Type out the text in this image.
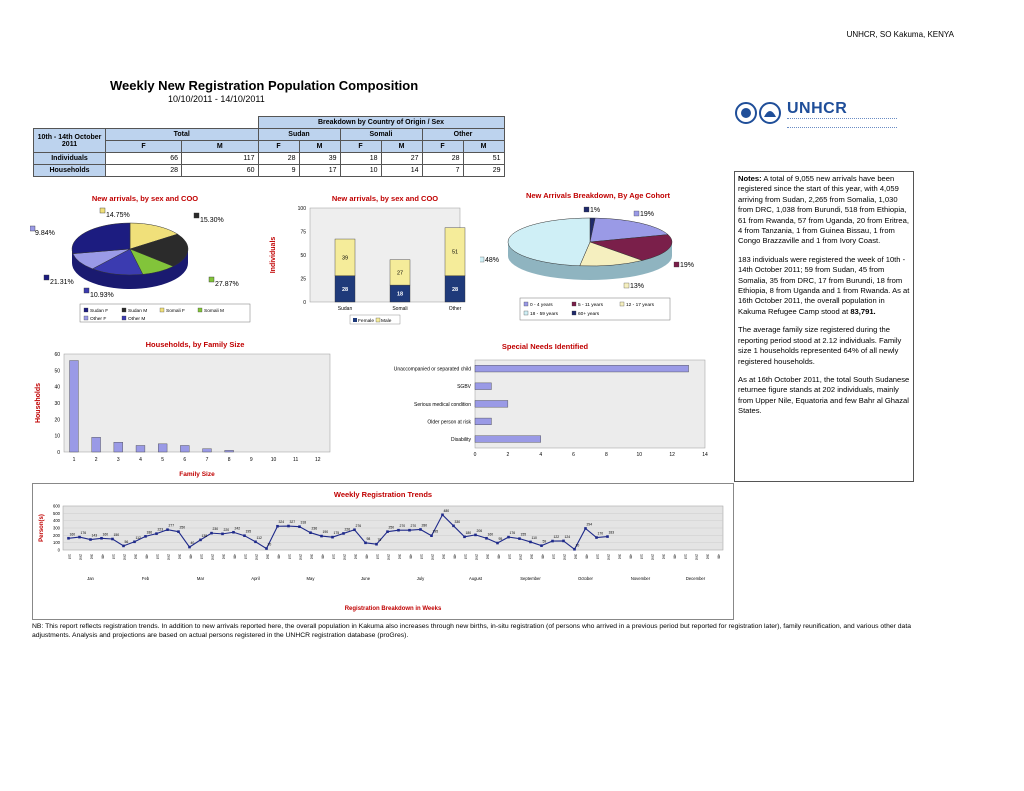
UNHCR, SO Kakuma, KENYA
Weekly New Registration Population Composition
10/10/2011 - 14/10/2011
UNHCR
			Breakdown by Country of Origin / Sex					
10th - 14th October 2011	Total		Sudan		Somali		Other	
	F	M	F	M	F	M	F	M
Individuals	66	117	28	39	18	27	28	51
Households	28	60	9	17	10	14	7	29

Notes: A total of 9,055 new arrivals have been registered since the start of this year, with 4,059 arriving from Sudan, 2,265 from Somalia, 1,030 from DRC, 1,038 from Burundi, 518 from Ethiopia, 61 from Rwanda, 57 from Uganda, 20 from Eritrea, 4 from Tanzania, 1 from Guinea Bissau, 1 from Congo Brazzaville and 1 from Ivory Coast.

183 individuals were registered the week of 10th - 14th October 2011; 59 from Sudan, 45 from Somalia, 35 from DRC, 17 from Burundi, 18 from Ethiopia, 8 from Uganda and 1 from Rwanda. As at 16th October 2011, the overall population in Kakuma Refugee Camp stood at 83,791.

The average family size registered during the reporting period stood at 2.12 individuals. Family size 1 households represented 64% of all newly registered households.

As at 16th October 2011, the total South Sudanese returnee figure stands at 202 individuals, mainly from Upper Nile, Equatoria and few Bahr al Ghazal States.

New arrivals, by sex and COO
14.75%
15.30%
9.84%
21.31%
10.93%
27.87%
Sudan F	Sudan M	Somali F	Somali M
Other F	Other M
New arrivals, by sex and COO
100
75
50
25
0
Individuals
28
39
Sudan
18
27
Somali
28
51
Other
Female Male
New Arrivals Breakdown, By Age Cohort
1%
19%
48%
19%
13%
0 - 4 years	5 - 11 years	12 - 17 years
18 - 59 years	60+ years
Households, by Family Size
60
50
40
30
20
10
0
Households
1	2	3	4	5	6	7	8	9	10	11	12
Family Size
Special Needs Identified
0	2	4	6	8	10	12	14
Unaccompanied or separated child
SGBV
Serious medical condition
Older person at risk
Disability
Weekly Registration Trends
600
500
400
300
200
100
0
Person(s)	160 176
143 160 150
56
112
186
223
277 250
40
138
230 220 242
195
112
20
324 327 318
236
190 175
226
276
98 79
250 270 270 280
195
480
330
180 206
160
95
176 155
110
59
122 124
10
294
170 183
1st 2nd 3rd 4th 1st 2nd 3rd 4th 1st 2nd 3rd 4th 1st 2nd 3rd 4th 1st 2nd 3rd 4th 1st 2nd 3rd 4th 1st 2nd 3rd 4th 1st 2nd 3rd 4th 1st 2nd 3rd 4th 1st 2nd 3rd 4th 1st 2nd 3rd 4th 1st 2nd 3rd 4th 1st 2nd 3rd 4th 1st 2nd 3rd 4th 1st 2nd 3rd 4th
Jan	Feb	Mar	April	May	June	July	August	September	October	November	December
Registration Breakdown in Weeks
NB: This report reflects registration trends. In addition to new arrivals reported here, the overall population in Kakuma also increases through new births, in-situ registration (of persons who arrived in a previous period but reported for registration later), family reunification, and various other data adjustments. Analysis and projections are based on actual persons registered in the UNHCR registration database (proGres).
